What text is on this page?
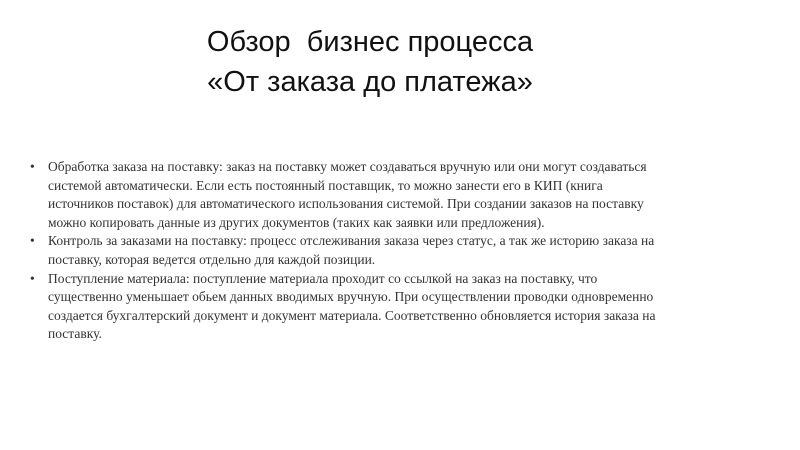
Обзор  бизнес процесса
«От заказа до платежа»
• Обработка заказа на поставку: заказ на поставку может создаваться вручную или они могут создаваться системой автоматически. Если есть постоянный поставщик, то можно занести его в КИП (книга источников поставок) для автоматического использования системой. При создании заказов на поставку можно копировать данные из других документов (таких как заявки или предложения).
• Контроль за заказами на поставку: процесс отслеживания заказа через статус, а так же историю заказа на поставку, которая ведется отдельно для каждой позиции.
• Поступление материала: поступление материала проходит со ссылкой на заказ на поставку, что существенно уменьшает обьем данных вводимых вручную. При осуществлении проводки одновременно создается бухгалтерский документ и документ материала. Соответственно обновляется история заказа на поставку.
